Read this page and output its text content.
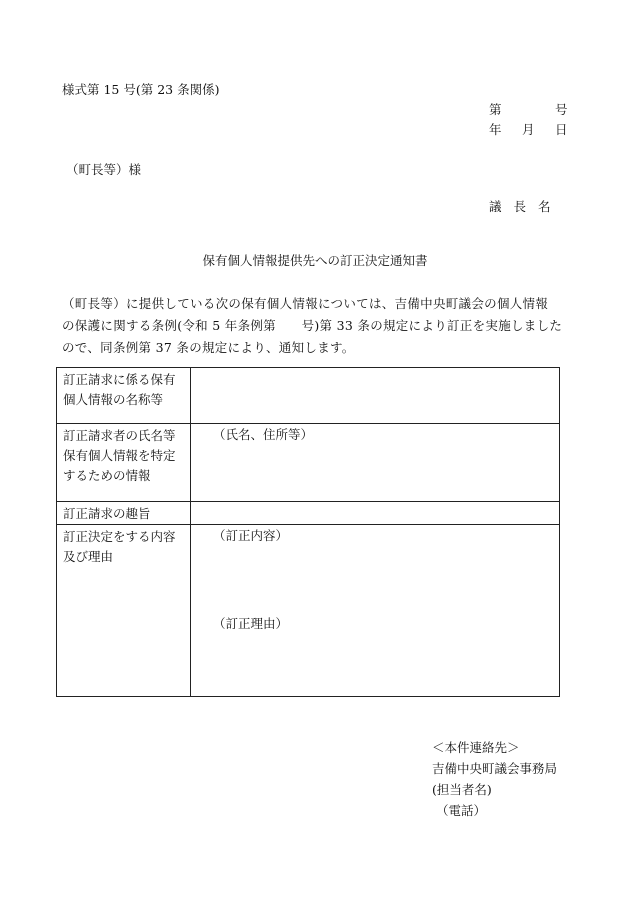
様式第 15 号(第 23 条関係)
第	号
年 月 日
（町長等）様
議長名
保有個人情報提供先への訂正決定通知書
（町長等）に提供している次の保有個人情報については、吉備中央町議会の個人情報
の保護に関する条例(令和 5 年条例第　　号)第 33 条の規定により訂正を実施しました
ので、同条例第 37 条の規定により、通知します。
訂正請求に係る保有個人情報の名称等	
訂正請求者の氏名等保有個人情報を特定するための情報	（氏名、住所等）
訂正請求の趣旨	
訂正決定をする内容及び理由	（訂正内容）
（訂正理由）
＜本件連絡先＞
吉備中央町議会事務局
(担当者名)
（電話）
